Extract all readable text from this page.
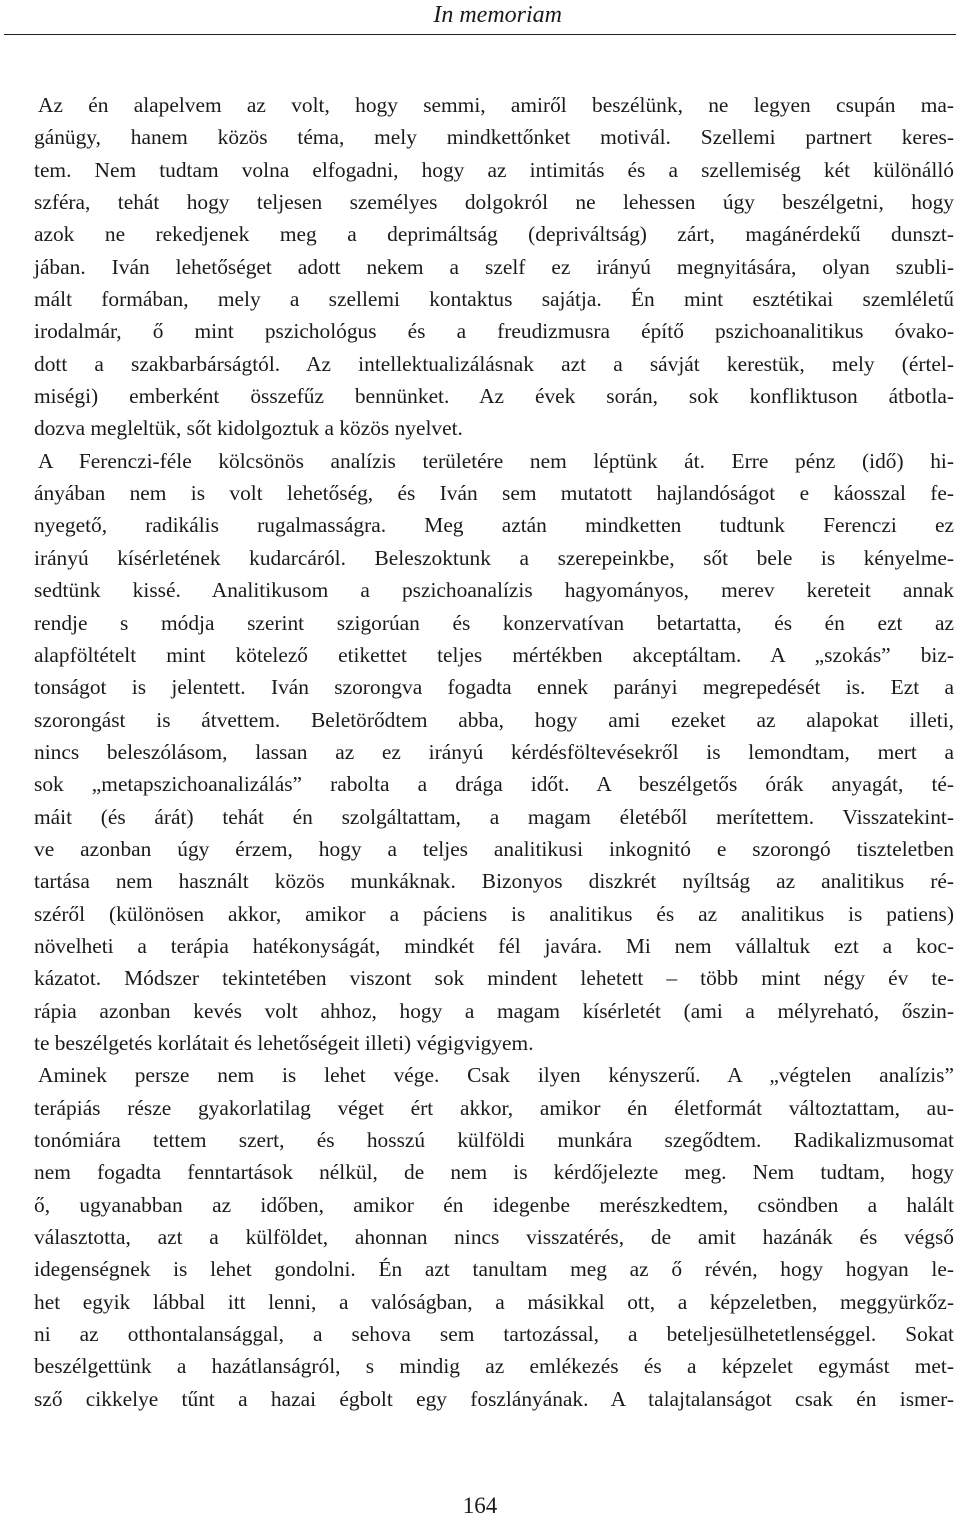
In memoriam

Az én alapelvem az volt, hogy semmi, amiről beszélünk, ne legyen csupán ma-
gánügy, hanem közös téma, mely mindkettőnket motivál. Szellemi partnert keres-
tem. Nem tudtam volna elfogadni, hogy az intimitás és a szellemiség két különálló
szféra, tehát hogy teljesen személyes dolgokról ne lehessen úgy beszélgetni, hogy
azok ne rekedjenek meg a deprimáltság (depriváltság) zárt, magánérdekű dunszt-
jában. Iván lehetőséget adott nekem a szelf ez irányú megnyitására, olyan szubli-
mált formában, mely a szellemi kontaktus sajátja. Én mint esztétikai szemléletű
irodalmár, ő mint pszichológus és a freudizmusra építő pszichoanalitikus óvako-
dott a szakbarbárságtól. Az intellektualizálásnak azt a sávját kerestük, mely (értel-
miségi) emberként összefűz bennünket. Az évek során, sok konfliktuson átbotla-
dozva megleltük, sőt kidolgoztuk a közös nyelvet.

A Ferenczi-féle kölcsönös analízis területére nem léptünk át. Erre pénz (idő) hi-
ányában nem is volt lehetőség, és Iván sem mutatott hajlandóságot e káosszal fe-
nyegető, radikális rugalmasságra. Meg aztán mindketten tudtunk Ferenczi ez
irányú kísérletének kudarcáról. Beleszoktunk a szerepeinkbe, sőt bele is kényelme-
sedtünk kissé. Analitikusom a pszichoanalízis hagyományos, merev kereteit annak
rendje s módja szerint szigorúan és konzervatívan betartatta, és én ezt az
alapföltételt mint kötelező etikettet teljes mértékben akceptáltam. A „szokás” biz-
tonságot is jelentett. Iván szorongva fogadta ennek parányi megrepedését is. Ezt a
szorongást is átvettem. Beletörődtem abba, hogy ami ezeket az alapokat illeti,
nincs beleszólásom, lassan az ez irányú kérdésföltevésekről is lemondtam, mert a
sok „metapszichoanalizálás” rabolta a drága időt. A beszélgetős órák anyagát, té-
máit (és árát) tehát én szolgáltattam, a magam életéből merítettem. Visszatekint-
ve azonban úgy érzem, hogy a teljes analitikusi inkognitó e szorongó tiszteletben
tartása nem használt közös munkáknak. Bizonyos diszkrét nyíltság az analitikus ré-
széről (különösen akkor, amikor a páciens is analitikus és az analitikus is patiens)
növelheti a terápia hatékonyságát, mindkét fél javára. Mi nem vállaltuk ezt a koc-
kázatot. Módszer tekintetében viszont sok mindent lehetett – több mint négy év te-
rápia azonban kevés volt ahhoz, hogy a magam kísérletét (ami a mélyreható, őszin-
te beszélgetés korlátait és lehetőségeit illeti) végigvigyem.

Aminek persze nem is lehet vége. Csak ilyen kényszerű. A „végtelen analízis”
terápiás része gyakorlatilag véget ért akkor, amikor én életformát változtattam, au-
tonómiára tettem szert, és hosszú külföldi munkára szegődtem. Radikalizmusomat
nem fogadta fenntartások nélkül, de nem is kérdőjelezte meg. Nem tudtam, hogy
ő, ugyanabban az időben, amikor én idegenbe merészkedtem, csöndben a halált
választotta, azt a külföldet, ahonnan nincs visszatérés, de amit hazánák és végső
idegenségnek is lehet gondolni. Én azt tanultam meg az ő révén, hogy hogyan le-
het egyik lábbal itt lenni, a valóságban, a másikkal ott, a képzeletben, meggyürkőz-
ni az otthontalansággal, a sehova sem tartozással, a beteljesülhetetlenséggel. Sokat
beszélgettünk a hazátlanságról, s mindig az emlékezés és a képzelet egymást met-
sző cikkelye tűnt a hazai égbolt egy foszlányának. A talajtalanságot csak én ismer-

164
